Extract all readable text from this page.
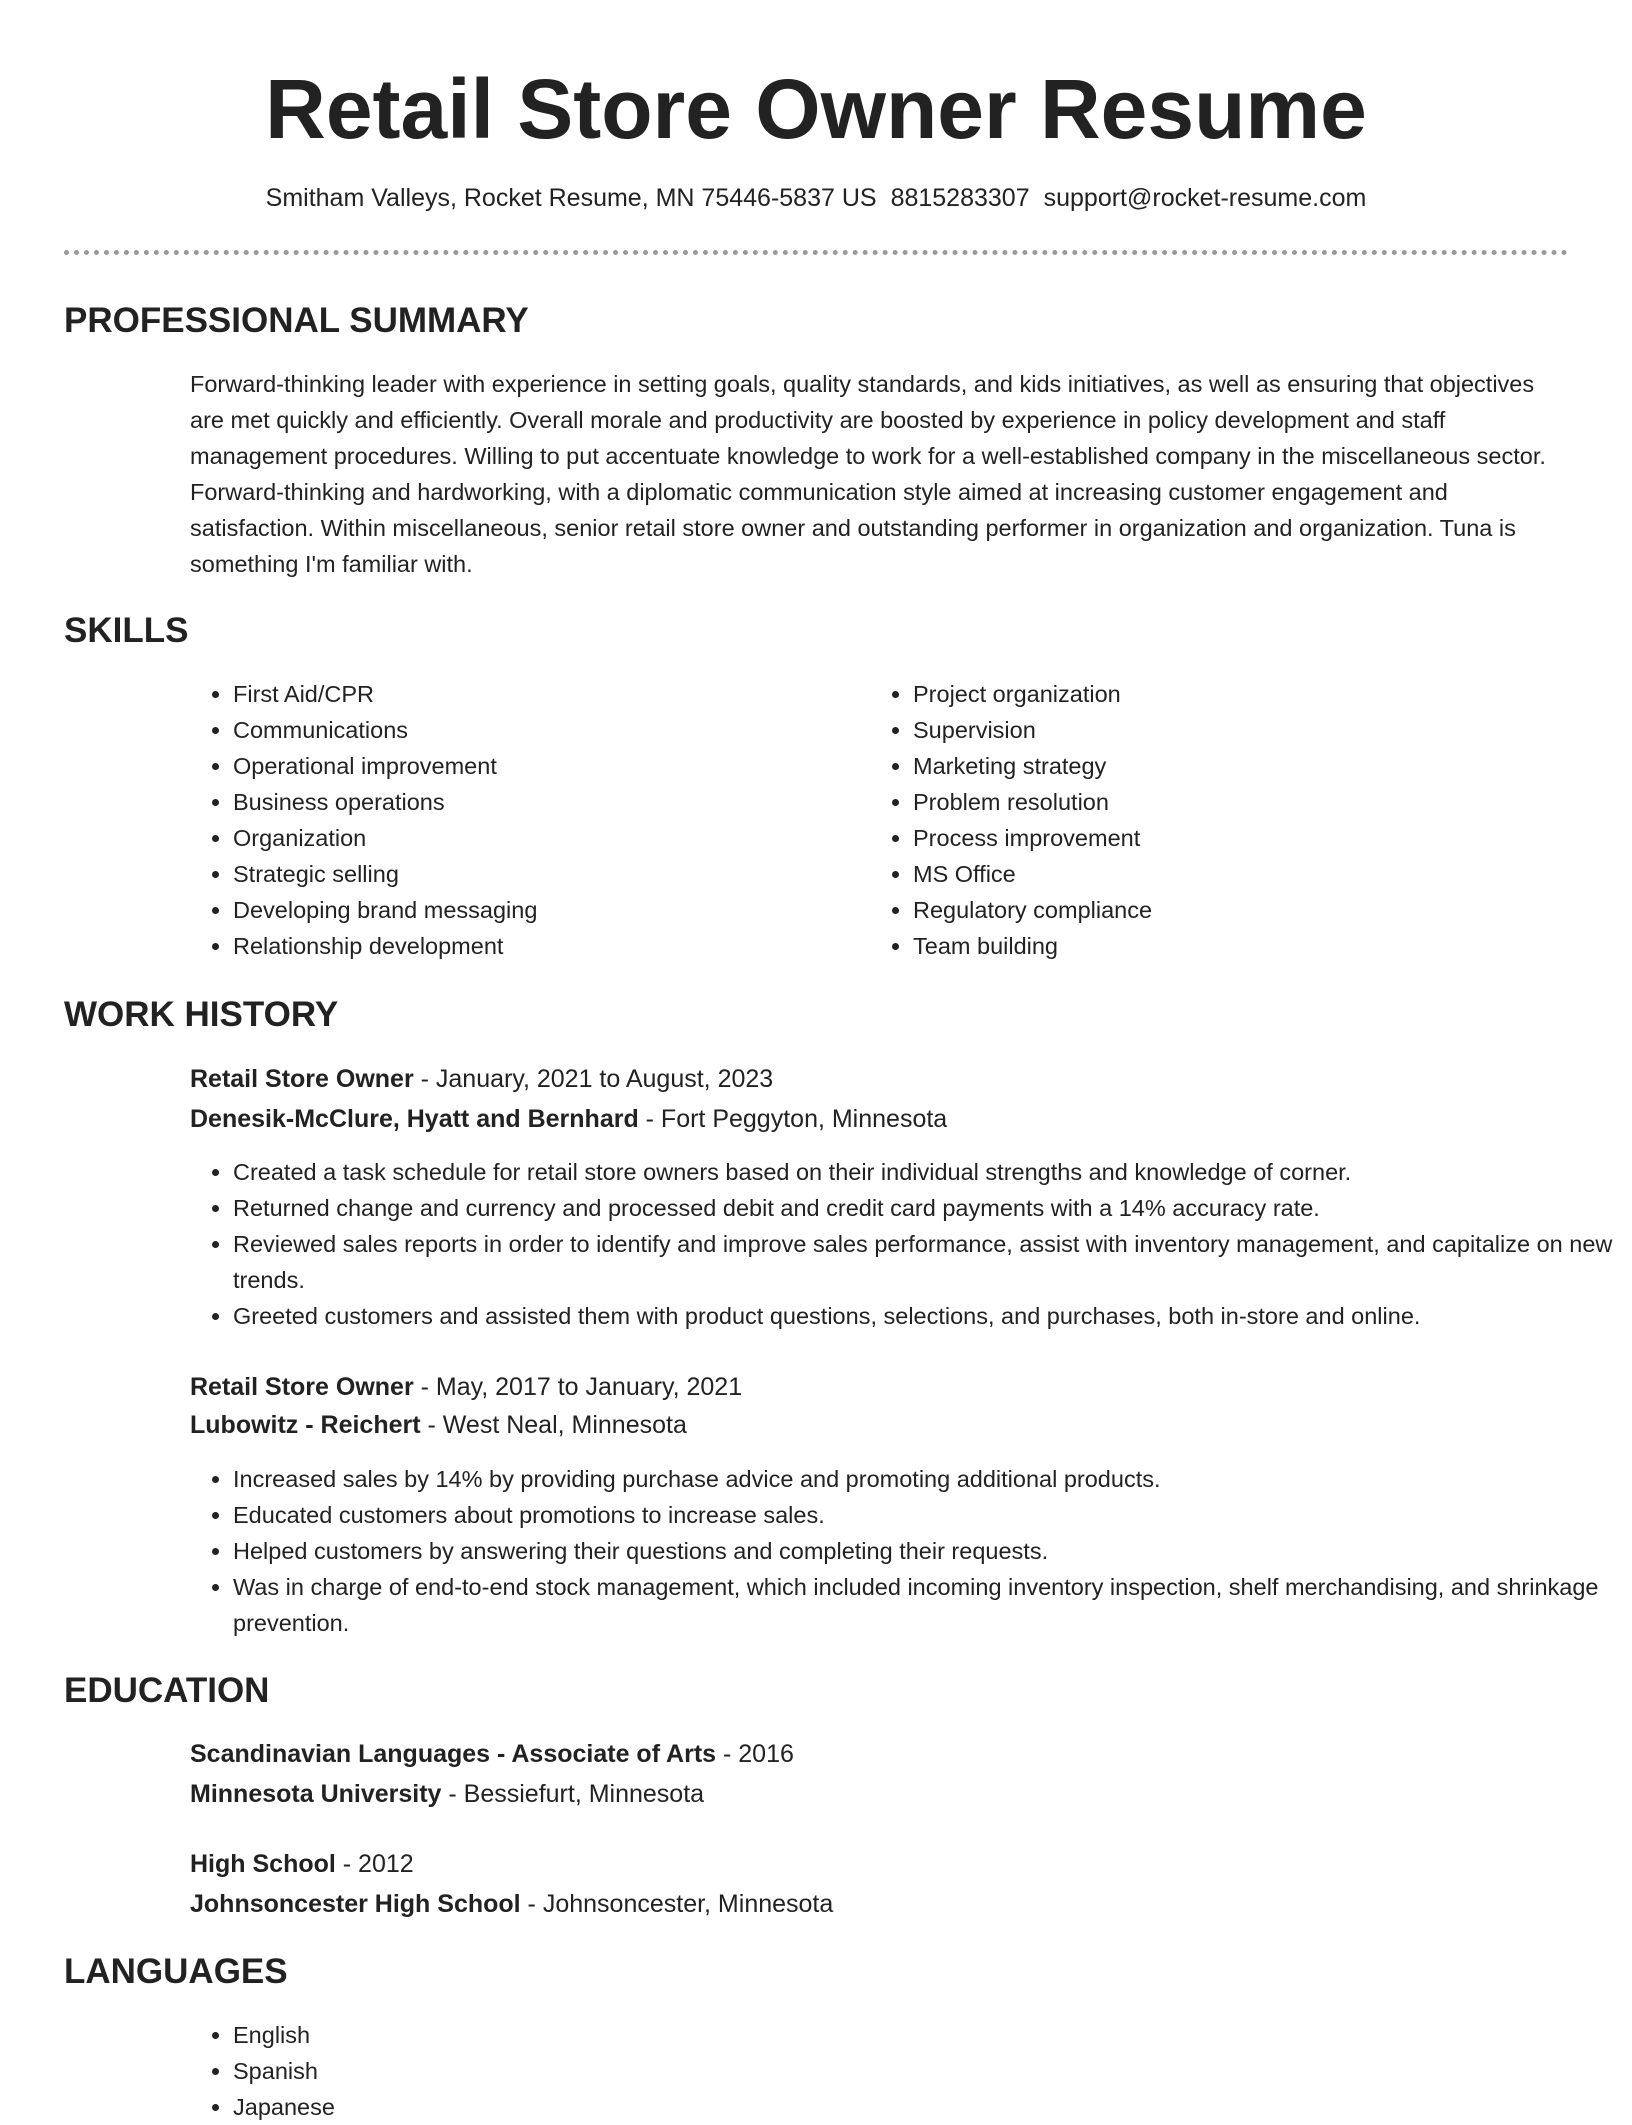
Retail Store Owner Resume
Smitham Valleys, Rocket Resume, MN 75446-5837 US 8815283307 support@rocket-resume.com
PROFESSIONAL SUMMARY

Forward-thinking leader with experience in setting goals, quality standards, and kids initiatives, as well as ensuring that objectives are met quickly and efficiently. Overall morale and productivity are boosted by experience in policy development and staff management procedures. Willing to put accentuate knowledge to work for a well-established company in the miscellaneous sector. Forward-thinking and hardworking, with a diplomatic communication style aimed at increasing customer engagement and satisfaction. Within miscellaneous, senior retail store owner and outstanding performer in organization and organization. Tuna is something I'm familiar with.

SKILLS
• First Aid/CPR
• Communications
• Operational improvement
• Business operations
• Organization
• Strategic selling
• Developing brand messaging
• Relationship development
• Project organization
• Supervision
• Marketing strategy
• Problem resolution
• Process improvement
• MS Office
• Regulatory compliance
• Team building
WORK HISTORY
Retail Store Owner - January, 2021 to August, 2023
Denesik-McClure, Hyatt and Bernhard - Fort Peggyton, Minnesota
• Created a task schedule for retail store owners based on their individual strengths and knowledge of corner.
• Returned change and currency and processed debit and credit card payments with a 14% accuracy rate.
• Reviewed sales reports in order to identify and improve sales performance, assist with inventory management, and capitalize on new trends.
• Greeted customers and assisted them with product questions, selections, and purchases, both in-store and online.
Retail Store Owner - May, 2017 to January, 2021
Lubowitz - Reichert - West Neal, Minnesota
• Increased sales by 14% by providing purchase advice and promoting additional products.
• Educated customers about promotions to increase sales.
• Helped customers by answering their questions and completing their requests.
• Was in charge of end-to-end stock management, which included incoming inventory inspection, shelf merchandising, and shrinkage prevention.
EDUCATION
Scandinavian Languages - Associate of Arts - 2016
Minnesota University - Bessiefurt, Minnesota
High School - 2012
Johnsoncester High School - Johnsoncester, Minnesota
LANGUAGES
• English
• Spanish
• Japanese
